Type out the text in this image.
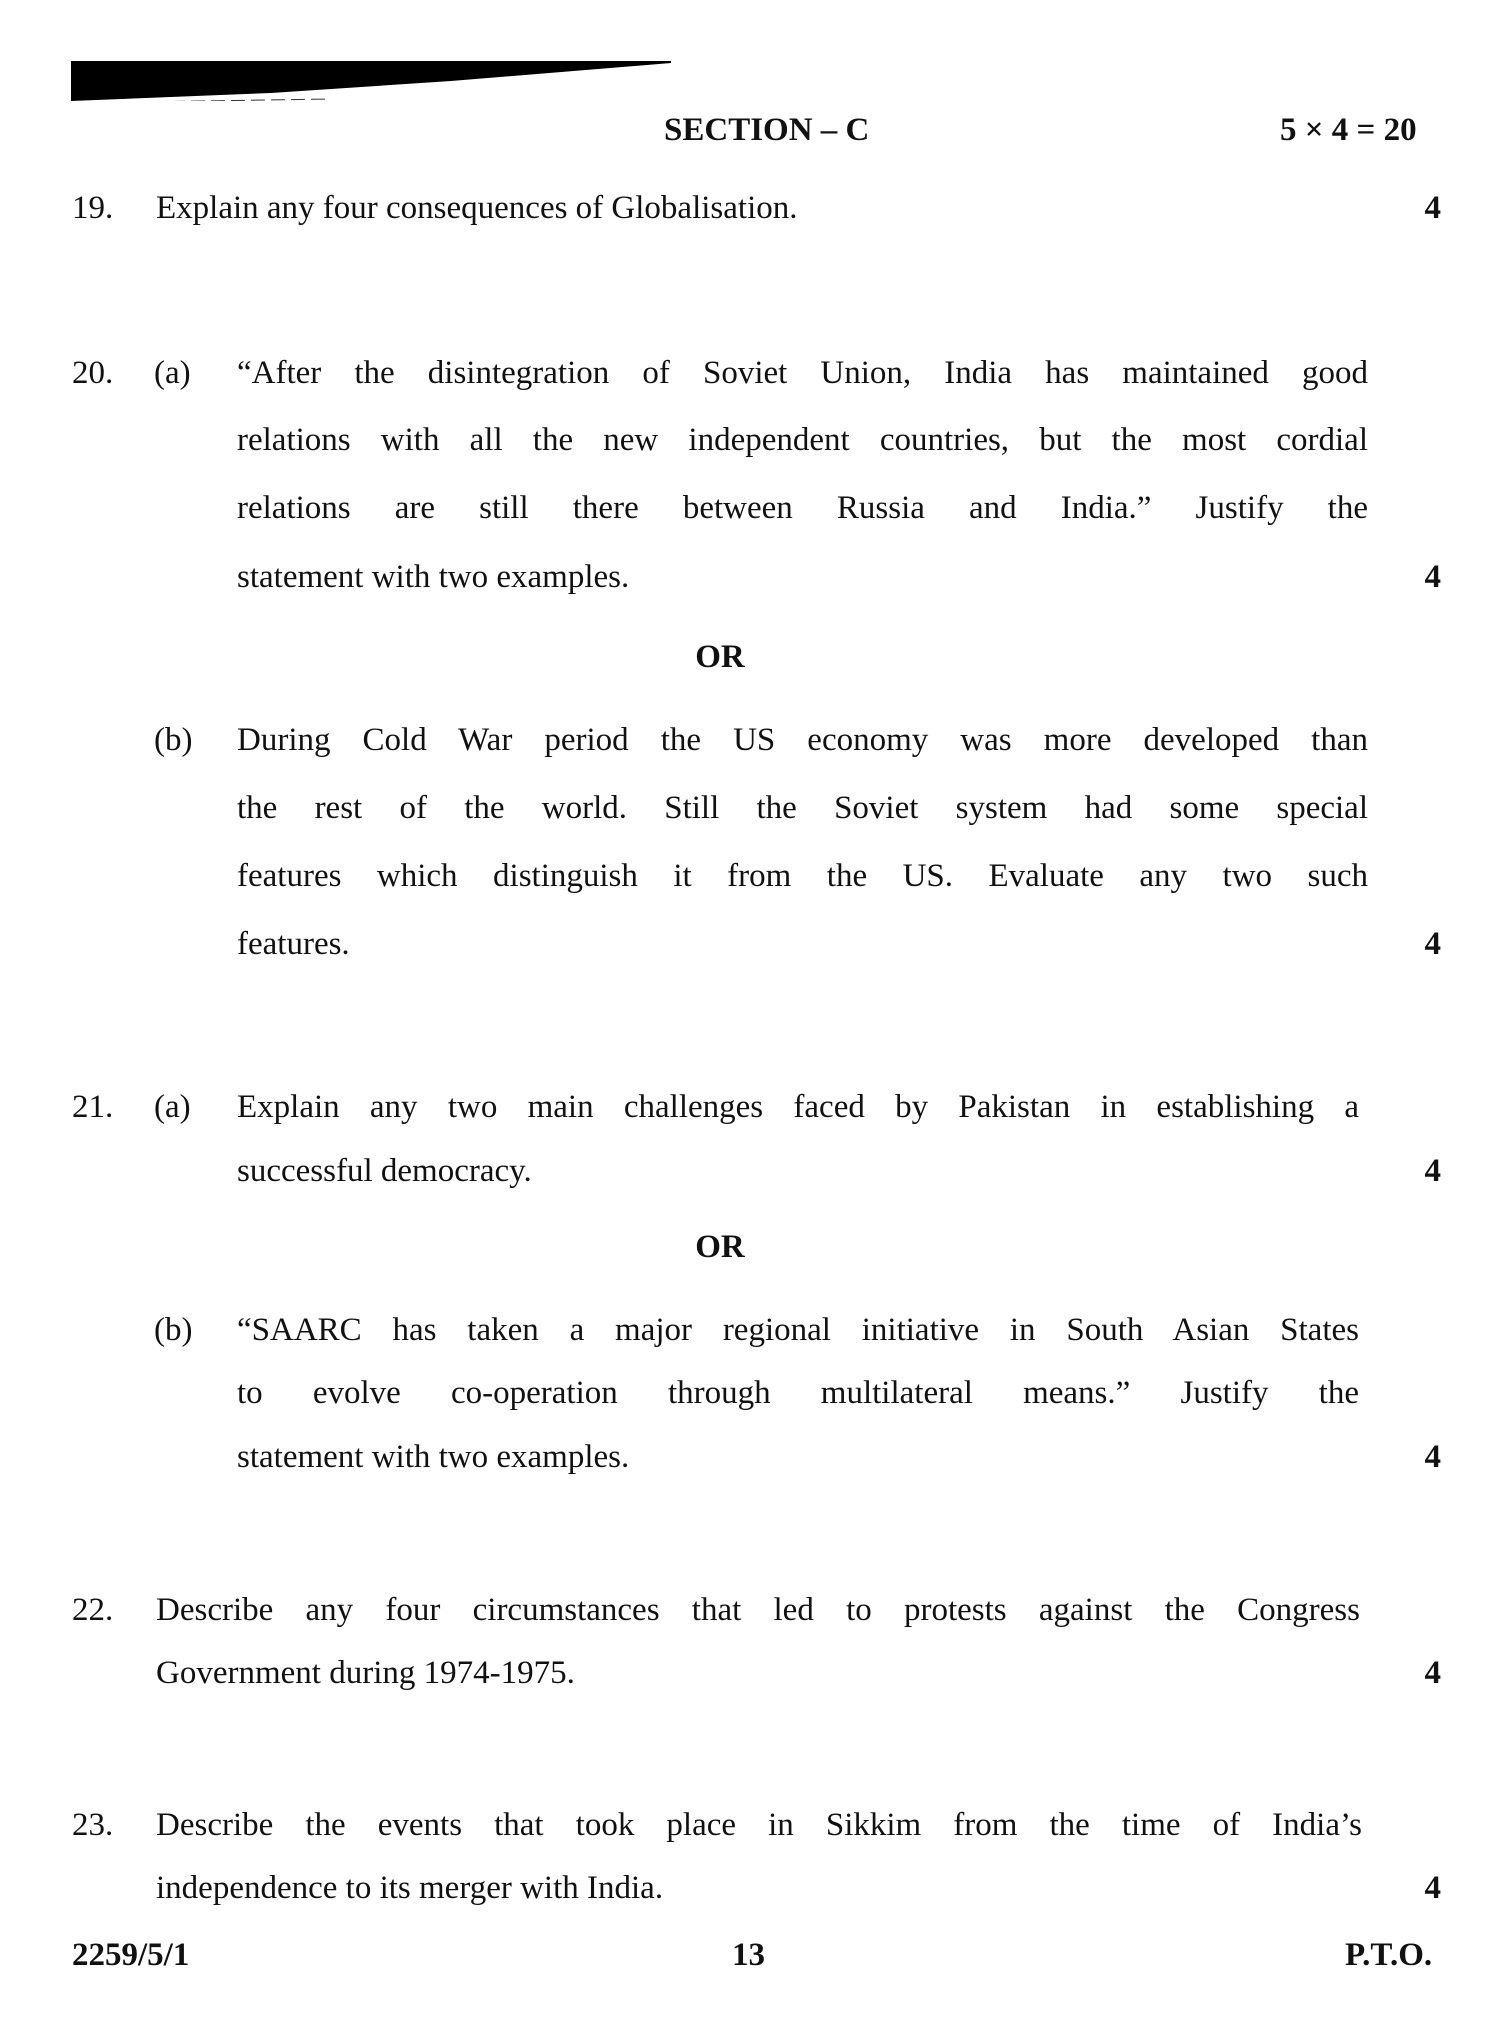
SECTION – C	5 × 4 = 20
19. Explain any four consequences of Globalisation.	4
20. (a) “After the disintegration of Soviet Union, India has maintained good
relations with all the new independent countries, but the most cordial
relations are still there between Russia and India.” Justify the
statement with two examples.	4
OR
(b) During Cold War period the US economy was more developed than
the rest of the world. Still the Soviet system had some special
features which distinguish it from the US. Evaluate any two such
features.	4
21. (a) Explain any two main challenges faced by Pakistan in establishing a
successful democracy.	4
OR
(b) “SAARC has taken a major regional initiative in South Asian States
to evolve co-operation through multilateral means.” Justify the
statement with two examples.	4
22. Describe any four circumstances that led to protests against the Congress
Government during 1974-1975.	4
23. Describe the events that took place in Sikkim from the time of India’s
independence to its merger with India.	4
2259/5/1	13	P.T.O.
